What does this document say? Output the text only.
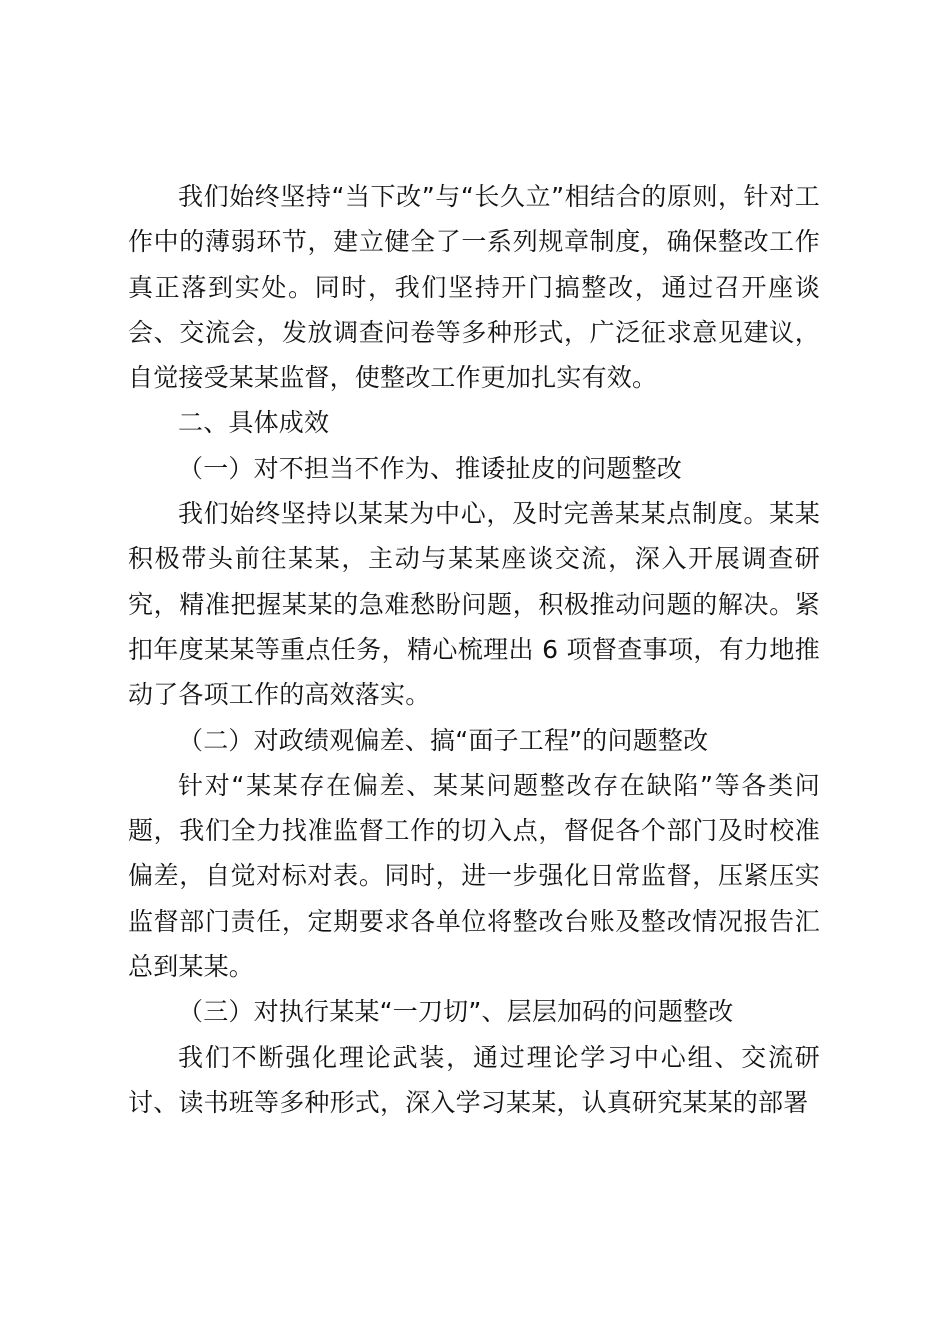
我们始终坚持“当下改”与“长久立”相结合的原则，针对工作中的薄弱环节，建立健全了一系列规章制度，确保整改工作真正落到实处。同时，我们坚持开门搞整改，通过召开座谈会、交流会，发放调查问卷等多种形式，广泛征求意见建议，自觉接受某某监督，使整改工作更加扎实有效。

二、具体成效

（一）对不担当不作为、推诿扯皮的问题整改

我们始终坚持以某某为中心，及时完善某某点制度。某某积极带头前往某某，主动与某某座谈交流，深入开展调查研究，精准把握某某的急难愁盼问题，积极推动问题的解决。紧扣年度某某等重点任务，精心梳理出 6 项督查事项，有力地推动了各项工作的高效落实。

（二）对政绩观偏差、搞“面子工程”的问题整改

针对“某某存在偏差、某某问题整改存在缺陷”等各类问题，我们全力找准监督工作的切入点，督促各个部门及时校准偏差，自觉对标对表。同时，进一步强化日常监督，压紧压实监督部门责任，定期要求各单位将整改台账及整改情况报告汇总到某某。

（三）对执行某某“一刀切”、层层加码的问题整改

我们不断强化理论武装，通过理论学习中心组、交流研讨、读书班等多种形式，深入学习某某，认真研究某某的部署
